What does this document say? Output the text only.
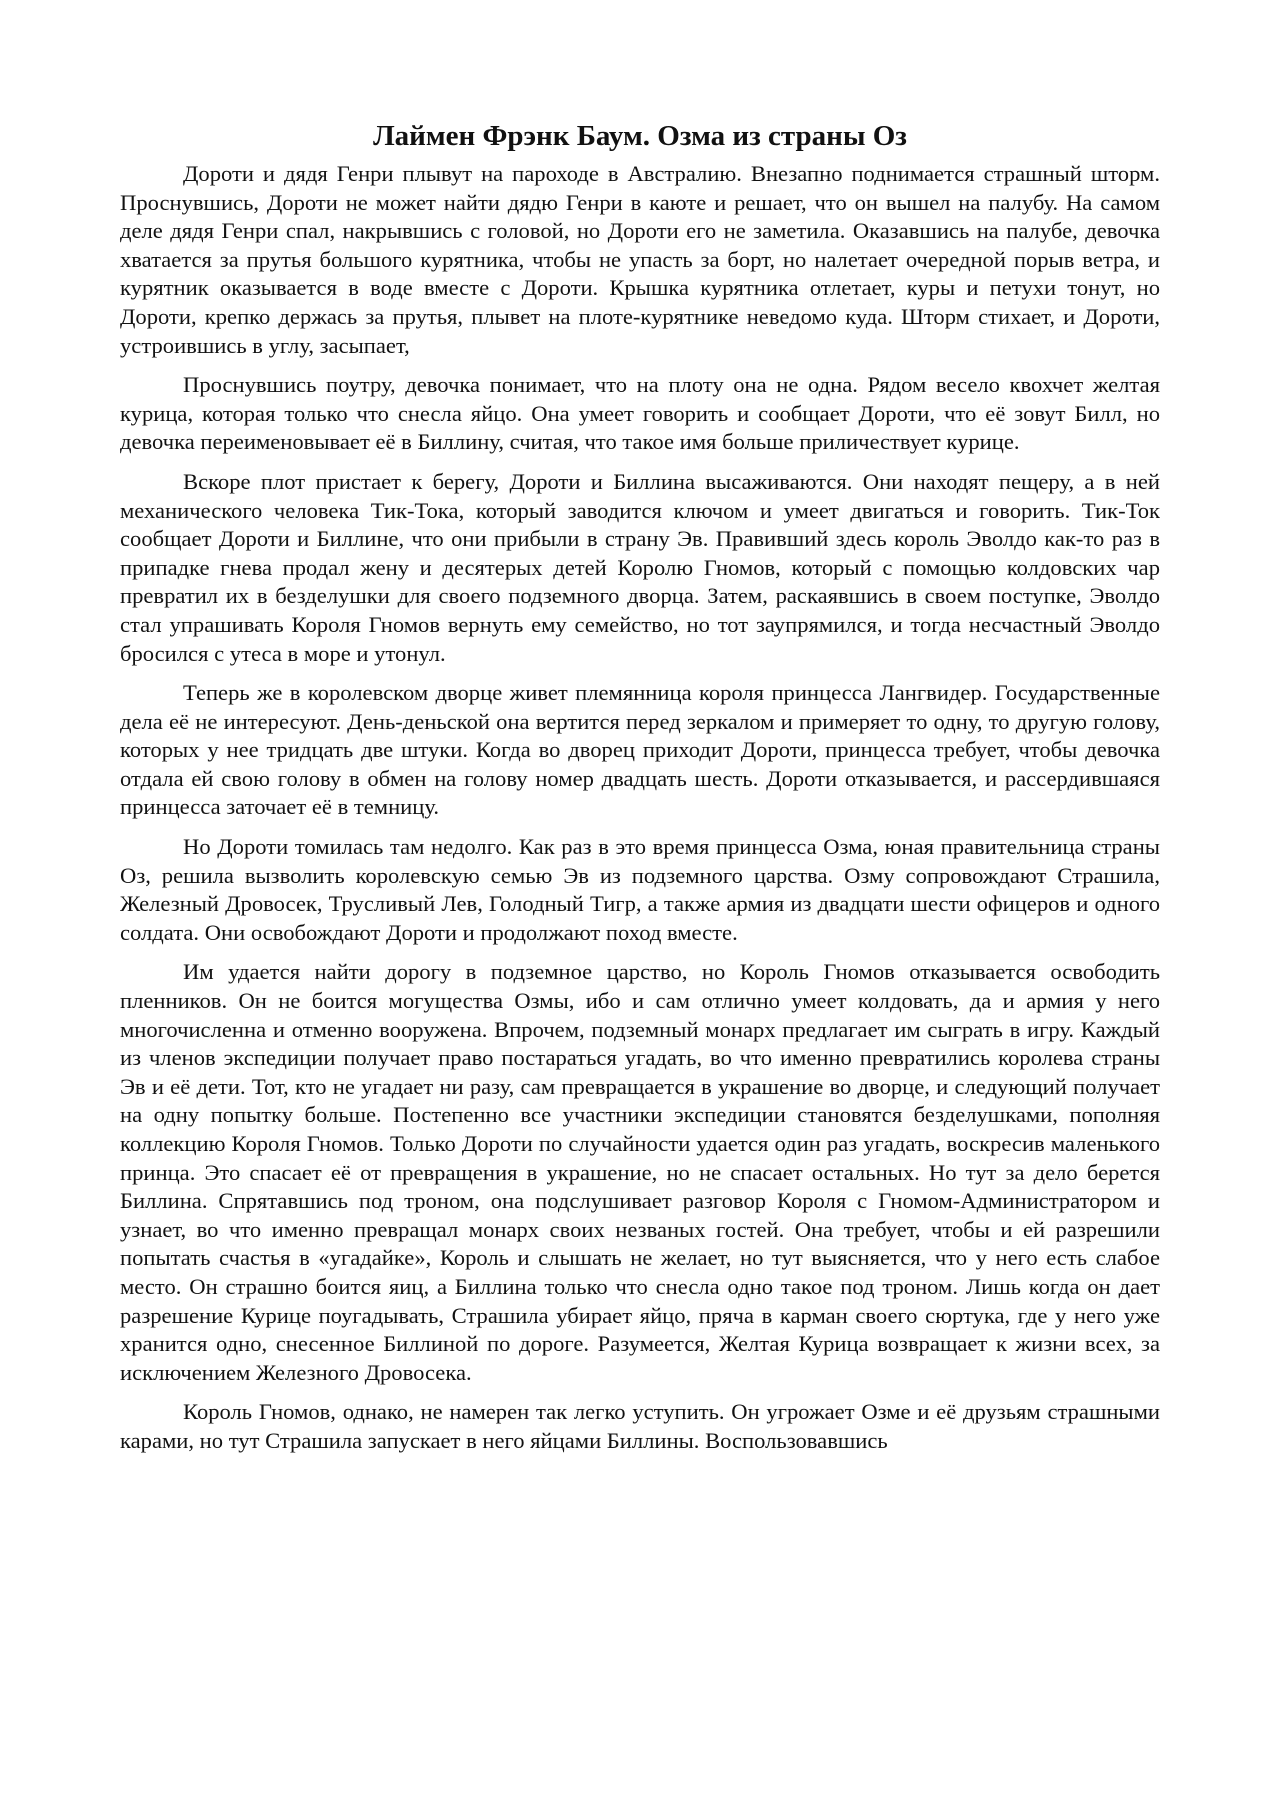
Лаймен Фрэнк Баум. Озма из страны Оз

Дороти и дядя Генри плывут на пароходе в Австралию. Внезапно поднимается страшный шторм. Проснувшись, Дороти не может найти дядю Генри в каюте и решает, что он вышел на палубу. На самом деле дядя Генри спал, накрывшись с головой, но Дороти его не заметила. Оказавшись на палубе, девочка хватается за прутья большого курятника, чтобы не упасть за борт, но налетает очередной порыв ветра, и курятник оказывается в воде вместе с Дороти. Крышка курятника отлетает, куры и петухи тонут, но Дороти, крепко держась за прутья, плывет на плоте-курятнике неведомо куда. Шторм стихает, и Дороти, устроившись в углу, засыпает,

Проснувшись поутру, девочка понимает, что на плоту она не одна. Рядом весело квохчет желтая курица, которая только что снесла яйцо. Она умеет говорить и сообщает Дороти, что её зовут Билл, но девочка переименовывает её в Биллину, считая, что такое имя больше приличествует курице.

Вскоре плот пристает к берегу, Дороти и Биллина высаживаются. Они находят пещеру, а в ней механического человека Тик-Тока, который заводится ключом и умеет двигаться и говорить. Тик-Ток сообщает Дороти и Биллине, что они прибыли в страну Эв. Правивший здесь король Эволдо как-то раз в припадке гнева продал жену и десятерых детей Королю Гномов, который с помощью колдовских чар превратил их в безделушки для своего подземного дворца. Затем, раскаявшись в своем поступке, Эволдо стал упрашивать Короля Гномов вернуть ему семейство, но тот заупрямился, и тогда несчастный Эволдо бросился с утеса в море и утонул.

Теперь же в королевском дворце живет племянница короля принцесса Лангвидер. Государственные дела её не интересуют. День-деньской она вертится перед зеркалом и примеряет то одну, то другую голову, которых у нее тридцать две штуки. Когда во дворец приходит Дороти, принцесса требует, чтобы девочка отдала ей свою голову в обмен на голову номер двадцать шесть. Дороти отказывается, и рассердившаяся принцесса заточает её в темницу.

Но Дороти томилась там недолго. Как раз в это время принцесса Озма, юная правительница страны Оз, решила вызволить королевскую семью Эв из подземного царства. Озму сопровождают Страшила, Железный Дровосек, Трусливый Лев, Голодный Тигр, а также армия из двадцати шести офицеров и одного солдата. Они освобождают Дороти и продолжают поход вместе.

Им удается найти дорогу в подземное царство, но Король Гномов отказывается освободить пленников. Он не боится могущества Озмы, ибо и сам отлично умеет колдовать, да и армия у него многочисленна и отменно вооружена. Впрочем, подземный монарх предлагает им сыграть в игру. Каждый из членов экспедиции получает право постараться угадать, во что именно превратились королева страны Эв и её дети. Тот, кто не угадает ни разу, сам превращается в украшение во дворце, и следующий получает на одну попытку больше. Постепенно все участники экспедиции становятся безделушками, пополняя коллекцию Короля Гномов. Только Дороти по случайности удается один раз угадать, воскресив маленького принца. Это спасает её от превращения в украшение, но не спасает остальных. Но тут за дело берется Биллина. Спрятавшись под троном, она подслушивает разговор Короля с Гномом-Администратором и узнает, во что именно превращал монарх своих незваных гостей. Она требует, чтобы и ей разрешили попытать счастья в «угадайке», Король и слышать не желает, но тут выясняется, что у него есть слабое место. Он страшно боится яиц, а Биллина только что снесла одно такое под троном. Лишь когда он дает разрешение Курице поугадывать, Страшила убирает яйцо, пряча в карман своего сюртука, где у него уже хранится одно, снесенное Биллиной по дороге. Разумеется, Желтая Курица возвращает к жизни всех, за исключением Железного Дровосека.

Король Гномов, однако, не намерен так легко уступить. Он угрожает Озме и её друзьям страшными карами, но тут Страшила запускает в него яйцами Биллины. Воспользовавшись
